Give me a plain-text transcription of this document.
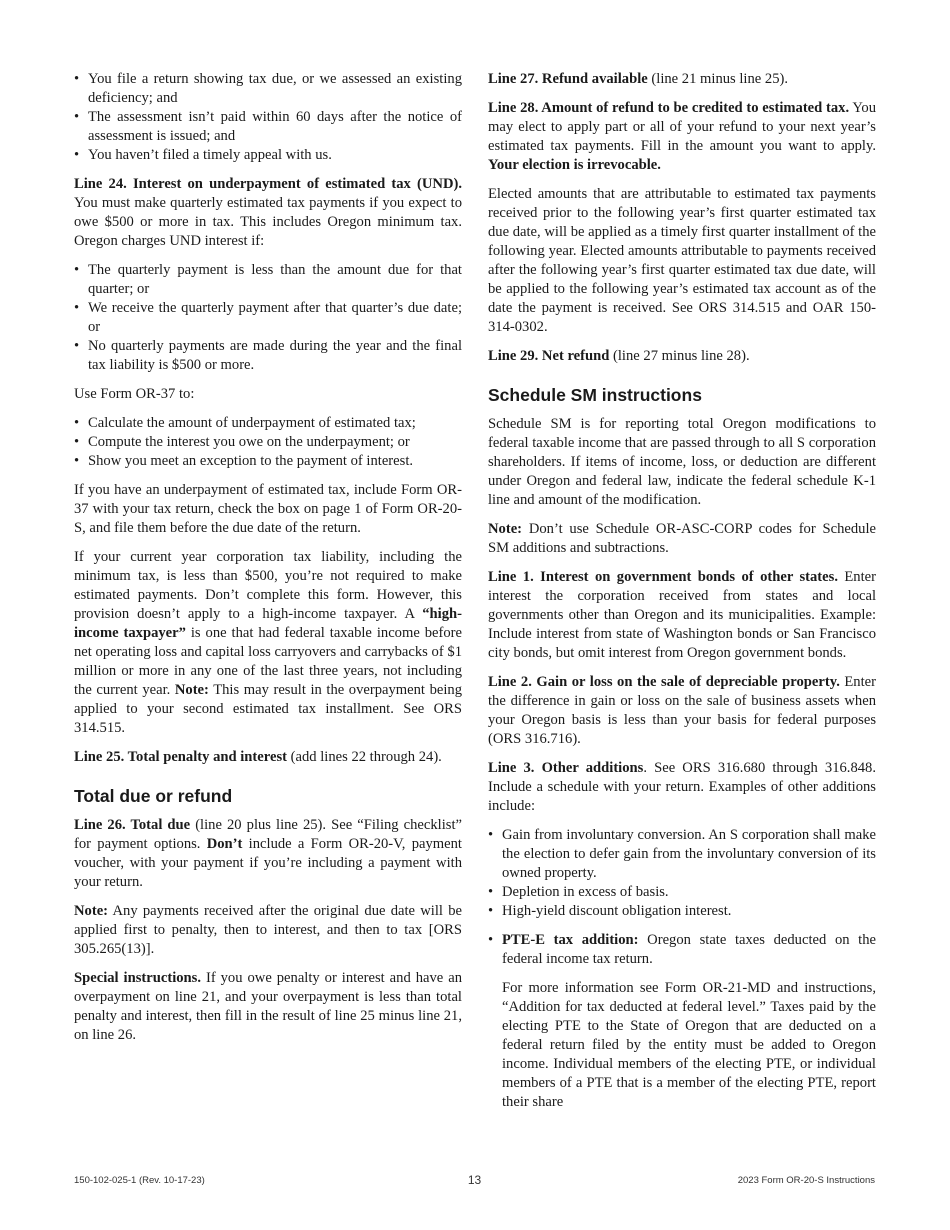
• You file a return showing tax due, or we assessed an existing deficiency; and
• The assessment isn’t paid within 60 days after the notice of assessment is issued; and
• You haven’t filed a timely appeal with us.

Line 24. Interest on underpayment of estimated tax (UND). You must make quarterly estimated tax payments if you expect to owe $500 or more in tax. This includes Oregon minimum tax. Oregon charges UND interest if:

• The quarterly payment is less than the amount due for that quarter; or
• We receive the quarterly payment after that quarter’s due date; or
• No quarterly payments are made during the year and the final tax liability is $500 or more.

Use Form OR-37 to:

• Calculate the amount of underpayment of estimated tax;
• Compute the interest you owe on the underpayment; or
• Show you meet an exception to the payment of interest.

If you have an underpayment of estimated tax, include Form OR-37 with your tax return, check the box on page 1 of Form OR-20-S, and file them before the due date of the return.

If your current year corporation tax liability, including the minimum tax, is less than $500, you’re not required to make estimated payments. Don’t complete this form. However, this provision doesn’t apply to a high-income taxpayer. A “high-income taxpayer” is one that had federal taxable income before net operating loss and capital loss carryovers and carrybacks of $1 million or more in any one of the last three years, not including the current year. Note: This may result in the overpayment being applied to your second estimated tax installment. See ORS 314.515.

Line 25. Total penalty and interest (add lines 22 through 24).

Total due or refund

Line 26. Total due (line 20 plus line 25). See “Filing checklist” for payment options. Don’t include a Form OR-20-V, payment voucher, with your payment if you’re including a payment with your return.

Note: Any payments received after the original due date will be applied first to penalty, then to interest, and then to tax [ORS 305.265(13)].

Special instructions. If you owe penalty or interest and have an overpayment on line 21, and your overpayment is less than total penalty and interest, then fill in the result of line 25 minus line 21, on line 26.

Line 27. Refund available (line 21 minus line 25).

Line 28. Amount of refund to be credited to estimated tax. You may elect to apply part or all of your refund to your next year’s estimated tax payments. Fill in the amount you want to apply. Your election is irrevocable.

Elected amounts that are attributable to estimated tax payments received prior to the following year’s first quarter estimated tax due date, will be applied as a timely first quarter installment of the following year. Elected amounts attributable to payments received after the following year’s first quarter estimated tax due date, will be applied to the following year’s estimated tax account as of the date the payment is received. See ORS 314.515 and OAR 150-314-0302.

Line 29. Net refund (line 27 minus line 28).

Schedule SM instructions

Schedule SM is for reporting total Oregon modifications to federal taxable income that are passed through to all S corporation shareholders. If items of income, loss, or deduction are different under Oregon and federal law, indicate the federal schedule K-1 line and amount of the modification.

Note: Don’t use Schedule OR-ASC-CORP codes for Schedule SM additions and subtractions.

Line 1. Interest on government bonds of other states. Enter interest the corporation received from states and local governments other than Oregon and its municipalities. Example: Include interest from state of Washington bonds or San Francisco city bonds, but omit interest from Oregon government bonds.

Line 2. Gain or loss on the sale of depreciable property. Enter the difference in gain or loss on the sale of business assets when your Oregon basis is less than your basis for federal purposes (ORS 316.716).

Line 3. Other additions. See ORS 316.680 through 316.848. Include a schedule with your return. Examples of other additions include:

• Gain from involuntary conversion. An S corporation shall make the election to defer gain from the involuntary conversion of its owned property.
• Depletion in excess of basis.
• High-yield discount obligation interest.
• PTE-E tax addition: Oregon state taxes deducted on the federal income tax return.

For more information see Form OR-21-MD and instructions, “Addition for tax deducted at federal level.” Taxes paid by the electing PTE to the State of Oregon that are deducted on a federal return filed by the entity must be added to Oregon income. Individual members of the electing PTE, or individual members of a PTE that is a member of the electing PTE, report their share

150-102-025-1 (Rev. 10-17-23)	13	2023 Form OR-20-S Instructions
